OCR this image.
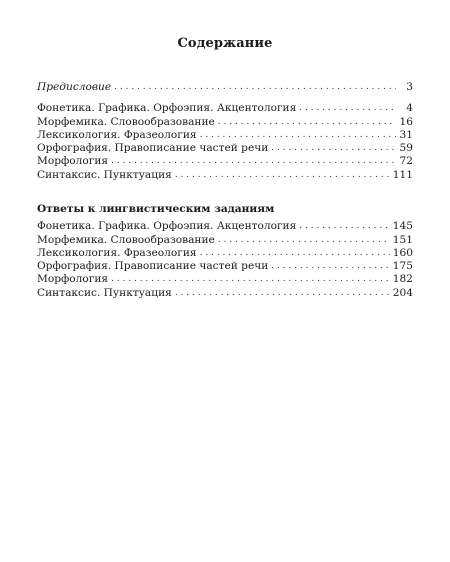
Содержание
Предисловие . . .	3
Фонетика. Графика. Орфоэпия. Акцентология . . .	4
Морфемика. Словообразование . . .	16
Лексикология. Фразеология . . .	31
Орфография. Правописание частей речи . . .	59
Морфология . . .	72
Синтаксис. Пунктуация . . .	111
Ответы к лингвистическим заданиям
Фонетика. Графика. Орфоэпия. Акцентология . . .	145
Морфемика. Словообразование . . .	151
Лексикология. Фразеология . . .	160
Орфография. Правописание частей речи . . .	175
Морфология . . .	182
Синтаксис. Пунктуация . . .	204
